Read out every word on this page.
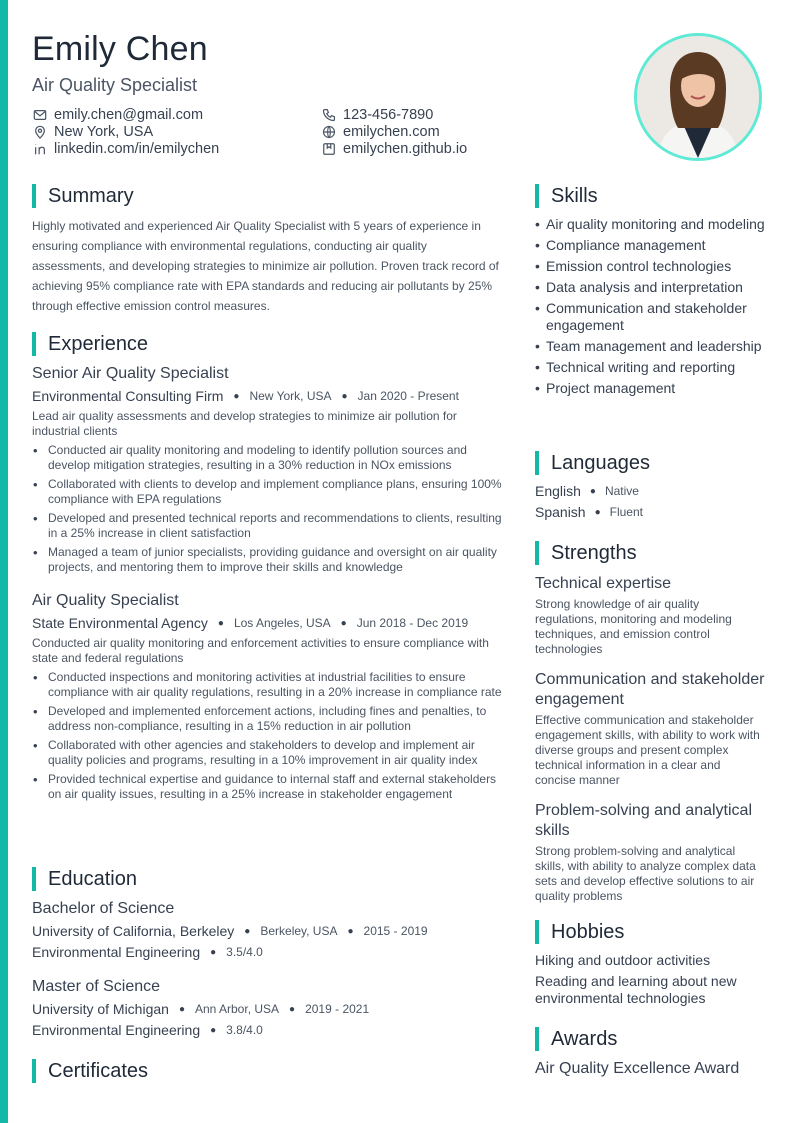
Emily Chen
Air Quality Specialist
emily.chen@gmail.com
New York, USA
linkedin.com/in/emilychen
123-456-7890
emilychen.com
emilychen.github.io
Summary
Highly motivated and experienced Air Quality Specialist with 5 years of experience in ensuring compliance with environmental regulations, conducting air quality assessments, and developing strategies to minimize air pollution. Proven track record of achieving 95% compliance rate with EPA standards and reducing air pollutants by 25% through effective emission control measures.
Experience
Senior Air Quality Specialist
Environmental Consulting Firm ● New York, USA ● Jan 2020 - Present
Lead air quality assessments and develop strategies to minimize air pollution for industrial clients
• Conducted air quality monitoring and modeling to identify pollution sources and develop mitigation strategies, resulting in a 30% reduction in NOx emissions
• Collaborated with clients to develop and implement compliance plans, ensuring 100% compliance with EPA regulations
• Developed and presented technical reports and recommendations to clients, resulting in a 25% increase in client satisfaction
• Managed a team of junior specialists, providing guidance and oversight on air quality projects, and mentoring them to improve their skills and knowledge
Air Quality Specialist
State Environmental Agency ● Los Angeles, USA ● Jun 2018 - Dec 2019
Conducted air quality monitoring and enforcement activities to ensure compliance with state and federal regulations
• Conducted inspections and monitoring activities at industrial facilities to ensure compliance with air quality regulations, resulting in a 20% increase in compliance rate
• Developed and implemented enforcement actions, including fines and penalties, to address non-compliance, resulting in a 15% reduction in air pollution
• Collaborated with other agencies and stakeholders to develop and implement air quality policies and programs, resulting in a 10% improvement in air quality index
• Provided technical expertise and guidance to internal staff and external stakeholders on air quality issues, resulting in a 25% increase in stakeholder engagement
Education
Bachelor of Science
University of California, Berkeley ● Berkeley, USA ● 2015 - 2019
Environmental Engineering ● 3.5/4.0
Master of Science
University of Michigan ● Ann Arbor, USA ● 2019 - 2021
Environmental Engineering ● 3.8/4.0
Certificates
Skills
• Air quality monitoring and modeling
• Compliance management
• Emission control technologies
• Data analysis and interpretation
• Communication and stakeholder engagement
• Team management and leadership
• Technical writing and reporting
• Project management
Languages
English ● Native
Spanish ● Fluent
Strengths
Technical expertise
Strong knowledge of air quality regulations, monitoring and modeling techniques, and emission control technologies
Communication and stakeholder engagement
Effective communication and stakeholder engagement skills, with ability to work with diverse groups and present complex technical information in a clear and concise manner
Problem-solving and analytical skills
Strong problem-solving and analytical skills, with ability to analyze complex data sets and develop effective solutions to air quality problems
Hobbies
Hiking and outdoor activities
Reading and learning about new environmental technologies
Awards
Air Quality Excellence Award
